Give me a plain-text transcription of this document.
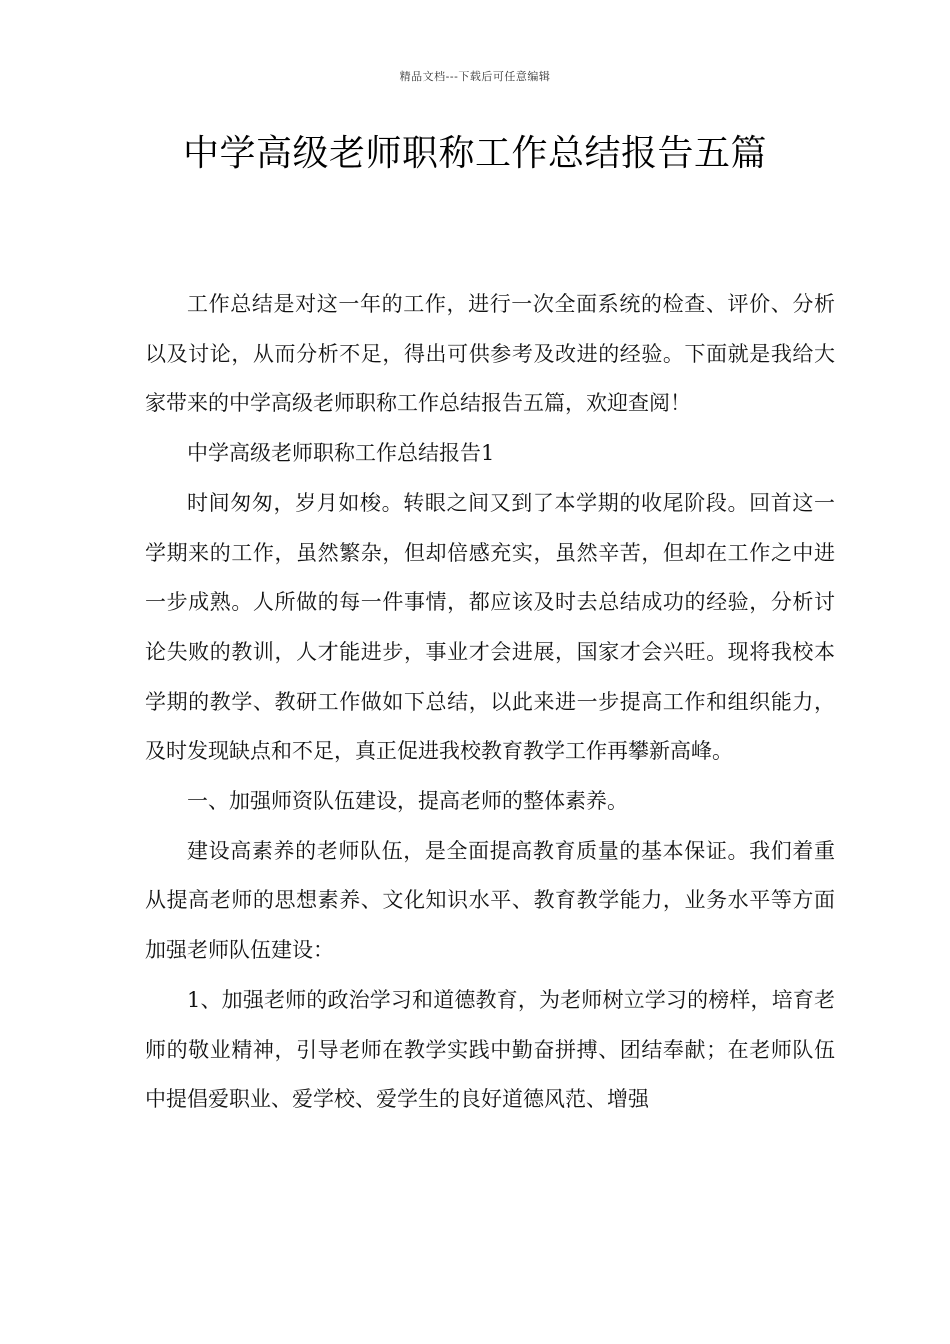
精品文档---下载后可任意编辑
中学高级老师职称工作总结报告五篇

工作总结是对这一年的工作，进行一次全面系统的检查、评价、分析以及讨论，从而分析不足，得出可供参考及改进的经验。下面就是我给大家带来的中学高级老师职称工作总结报告五篇，欢迎查阅！

中学高级老师职称工作总结报告1

时间匆匆，岁月如梭。转眼之间又到了本学期的收尾阶段。回首这一学期来的工作，虽然繁杂，但却倍感充实，虽然辛苦，但却在工作之中进一步成熟。人所做的每一件事情，都应该及时去总结成功的经验，分析讨论失败的教训，人才能进步，事业才会进展，国家才会兴旺。现将我校本学期的教学、教研工作做如下总结，以此来进一步提高工作和组织能力，及时发现缺点和不足，真正促进我校教育教学工作再攀新高峰。

一、加强师资队伍建设，提高老师的整体素养。

建设高素养的老师队伍，是全面提高教育质量的基本保证。我们着重从提高老师的思想素养、文化知识水平、教育教学能力，业务水平等方面加强老师队伍建设：

1、加强老师的政治学习和道德教育，为老师树立学习的榜样，培育老师的敬业精神，引导老师在教学实践中勤奋拼搏、团结奉献；在老师队伍中提倡爱职业、爱学校、爱学生的良好道德风范、增强
